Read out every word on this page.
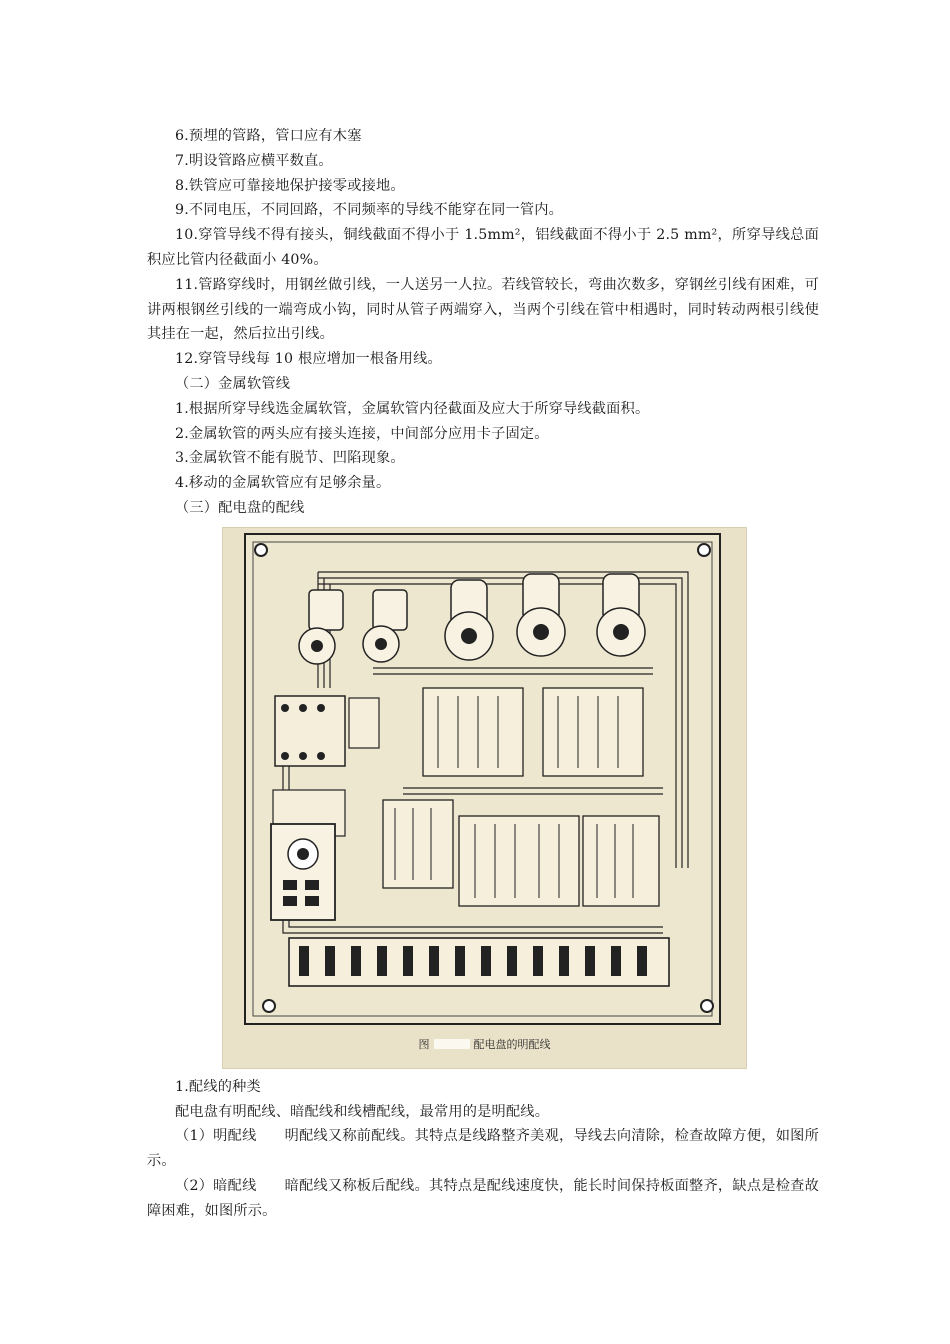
6.预埋的管路，管口应有木塞

7.明设管路应横平数直。

8.铁管应可靠接地保护接零或接地。

9.不同电压，不同回路，不同频率的导线不能穿在同一管内。

10.穿管导线不得有接头，铜线截面不得小于 1.5mm²，铝线截面不得小于 2.5 mm²，所穿导线总面积应比管内径截面小 40%。

11.管路穿线时，用钢丝做引线，一人送另一人拉。若线管较长，弯曲次数多，穿钢丝引线有困难，可讲两根钢丝引线的一端弯成小钩，同时从管子两端穿入，当两个引线在管中相遇时，同时转动两根引线使其挂在一起，然后拉出引线。

12.穿管导线每 10 根应增加一根备用线。

（二）金属软管线

1.根据所穿导线选金属软管，金属软管内径截面及应大于所穿导线截面积。

2.金属软管的两头应有接头连接，中间部分应用卡子固定。

3.金属软管不能有脱节、凹陷现象。

4.移动的金属软管应有足够余量。

（三）配电盘的配线

图	配电盘的明配线

1.配线的种类

配电盘有明配线、暗配线和线槽配线，最常用的是明配线。

（1）明配线 明配线又称前配线。其特点是线路整齐美观，导线去向清除，检查故障方便，如图所示。

（2）暗配线 暗配线又称板后配线。其特点是配线速度快，能长时间保持板面整齐，缺点是检查故障困难，如图所示。
